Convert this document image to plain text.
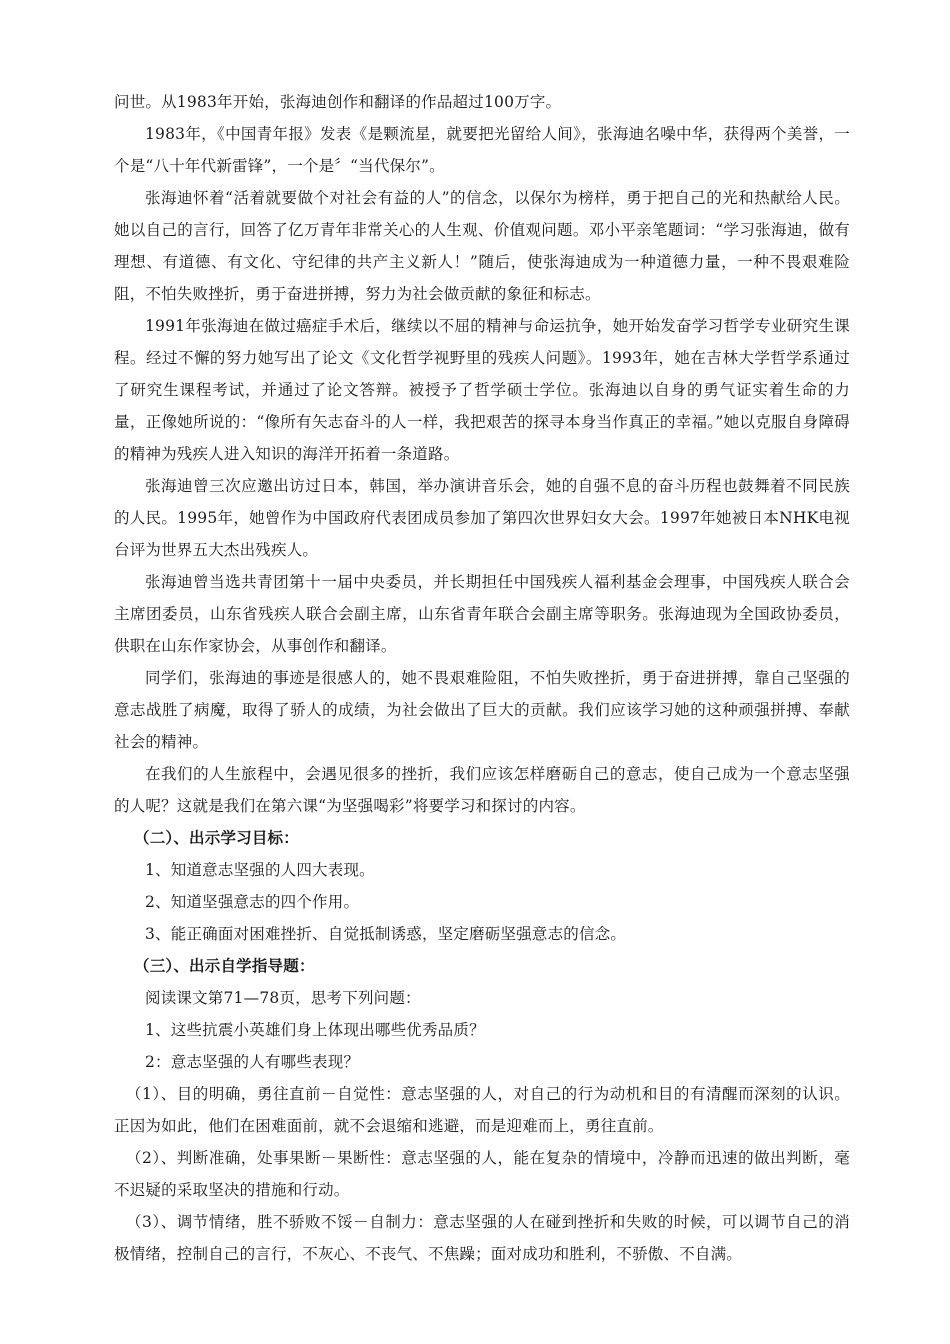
问世。从1983年开始，张海迪创作和翻译的作品超过100万字。

1983年，《中国青年报》发表《是颗流星，就要把光留给人间》，张海迪名噪中华，获得两个美誉，一个是“八十年代新雷锋”，一个是〞“当代保尔”。

张海迪怀着“活着就要做个对社会有益的人”的信念，以保尔为榜样，勇于把自己的光和热献给人民。她以自己的言行，回答了亿万青年非常关心的人生观、价值观问题。邓小平亲笔题词：“学习张海迪，做有理想、有道德、有文化、守纪律的共产主义新人！”随后，使张海迪成为一种道德力量，一种不畏艰难险阻，不怕失败挫折，勇于奋进拼搏，努力为社会做贡献的象征和标志。

1991年张海迪在做过癌症手术后，继续以不屈的精神与命运抗争，她开始发奋学习哲学专业研究生课程。经过不懈的努力她写出了论文《文化哲学视野里的残疾人问题》。1993年，她在吉林大学哲学系通过了研究生课程考试，并通过了论文答辩。被授予了哲学硕士学位。张海迪以自身的勇气证实着生命的力量，正像她所说的：“像所有矢志奋斗的人一样，我把艰苦的探寻本身当作真正的幸福。”她以克服自身障碍的精神为残疾人进入知识的海洋开拓着一条道路。

张海迪曾三次应邀出访过日本，韩国，举办演讲音乐会，她的自强不息的奋斗历程也鼓舞着不同民族的人民。1995年，她曾作为中国政府代表团成员参加了第四次世界妇女大会。1997年她被日本NHK电视台评为世界五大杰出残疾人。

张海迪曾当选共青团第十一届中央委员，并长期担任中国残疾人福利基金会理事，中国残疾人联合会主席团委员，山东省残疾人联合会副主席，山东省青年联合会副主席等职务。张海迪现为全国政协委员，供职在山东作家协会，从事创作和翻译。

同学们，张海迪的事迹是很感人的，她不畏艰难险阻，不怕失败挫折，勇于奋进拼搏，靠自己坚强的意志战胜了病魔，取得了骄人的成绩，为社会做出了巨大的贡献。我们应该学习她的这种顽强拼搏、奉献社会的精神。

在我们的人生旅程中，会遇见很多的挫折，我们应该怎样磨砺自己的意志，使自己成为一个意志坚强的人呢？这就是我们在第六课“为坚强喝彩”将要学习和探讨的内容。

（二）、出示学习目标：

1、知道意志坚强的人四大表现。

2、知道坚强意志的四个作用。

3、能正确面对困难挫折、自觉抵制诱惑，坚定磨砺坚强意志的信念。

（三）、出示自学指导题：

阅读课文第71—78页，思考下列问题：

1、这些抗震小英雄们身上体现出哪些优秀品质？

2：意志坚强的人有哪些表现？

（1）、目的明确，勇往直前－自觉性：意志坚强的人，对自己的行为动机和目的有清醒而深刻的认识。正因为如此，他们在困难面前，就不会退缩和逃避，而是迎难而上，勇往直前。

（2）、判断准确，处事果断－果断性：意志坚强的人，能在复杂的情境中，冷静而迅速的做出判断，毫不迟疑的采取坚决的措施和行动。

（3）、调节情绪，胜不骄败不馁－自制力：意志坚强的人在碰到挫折和失败的时候，可以调节自己的消极情绪，控制自己的言行，不灰心、不丧气、不焦躁；面对成功和胜利，不骄傲、不自满。
